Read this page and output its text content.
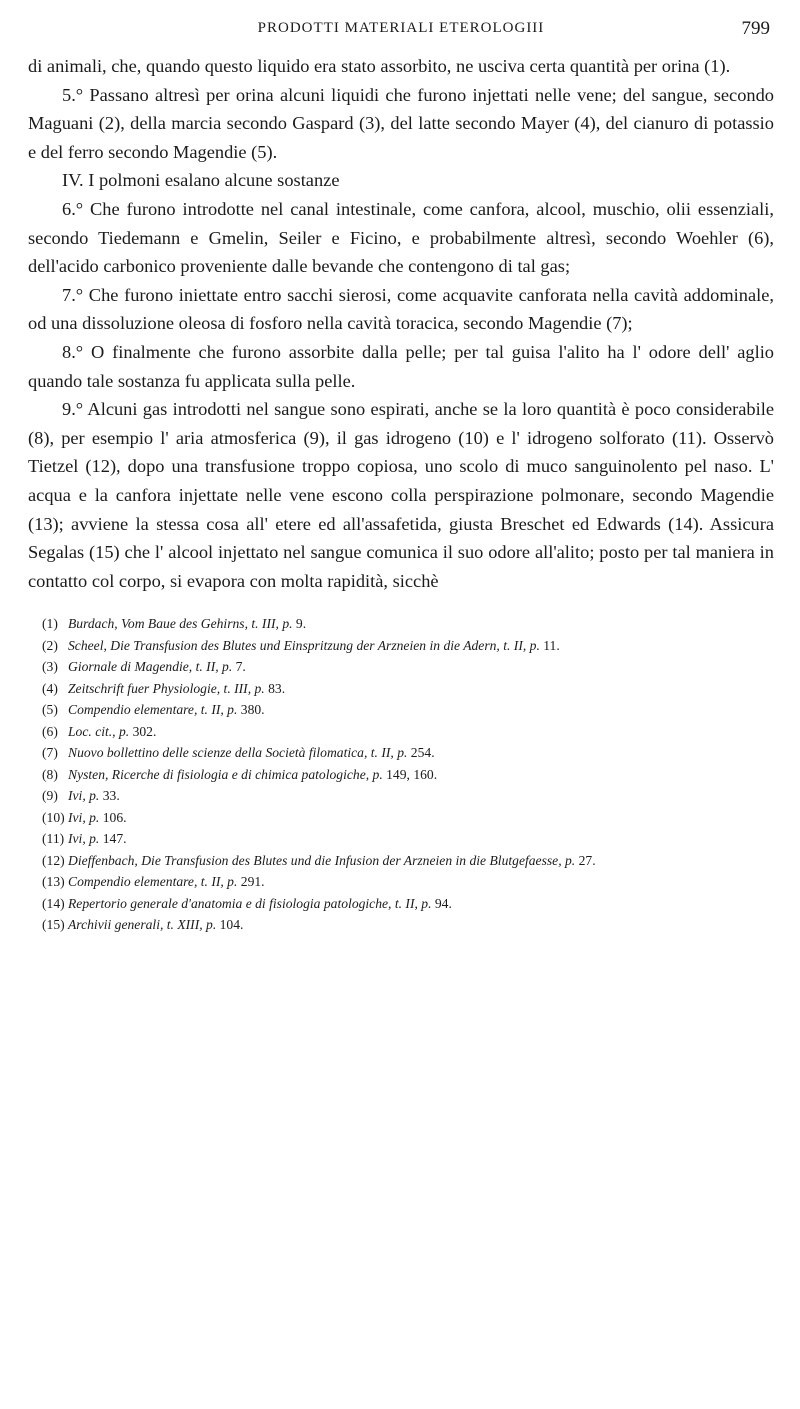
PRODOTTI MATERIALI ETEROLOGIII	799

di animali, che, quando questo liquido era stato assorbito, ne usciva certa quantità per orina (1).

5.° Passano altresì per orina alcuni liquidi che furono injettati nelle vene; del sangue, secondo Maguani (2), della marcia secondo Gaspard (3), del latte secondo Mayer (4), del cianuro di potassio e del ferro secondo Magendie (5).

IV. I polmoni esalano alcune sostanze

6.° Che furono introdotte nel canal intestinale, come canfora, alcool, muschio, olii essenziali, secondo Tiedemann e Gmelin, Seiler e Ficino, e probabilmente altresì, secondo Woehler (6), dell'acido carbonico proveniente dalle bevande che contengono di tal gas;

7.° Che furono iniettate entro sacchi sierosi, come acquavite canforata nella cavità addominale, od una dissoluzione oleosa di fosforo nella cavità toracica, secondo Magendie (7);

8.° O finalmente che furono assorbite dalla pelle; per tal guisa l'alito ha l' odore dell' aglio quando tale sostanza fu applicata sulla pelle.

9.° Alcuni gas introdotti nel sangue sono espirati, anche se la loro quantità è poco considerabile (8), per esempio l' aria atmosferica (9), il gas idrogeno (10) e l' idrogeno solforato (11). Osservò Tietzel (12), dopo una transfusione troppo copiosa, uno scolo di muco sanguinolento pel naso. L' acqua e la canfora injettate nelle vene escono colla perspirazione polmonare, secondo Magendie (13); avviene la stessa cosa all' etere ed all'assafetida, giusta Breschet ed Edwards (14). Assicura Segalas (15) che l' alcool injettato nel sangue comunica il suo odore all'alito; posto per tal maniera in contatto col corpo, si evapora con molta rapidità, sicchè

(1) Burdach, Vom Baue des Gehirns, t. III, p. 9.
(2) Scheel, Die Transfusion des Blutes und Einspritzung der Arzneien in die Adern, t. II, p. 11.
(3) Giornale di Magendie, t. II, p. 7.
(4) Zeitschrift fuer Physiologie, t. III, p. 83.
(5) Compendio elementare, t. II, p. 380.
(6) Loc. cit., p. 302.
(7) Nuovo bollettino delle scienze della Società filomatica, t. II, p. 254.
(8) Nysten, Ricerche di fisiologia e di chimica patologiche, p. 149, 160.
(9) Ivi, p. 33.
(10) Ivi, p. 106.
(11) Ivi, p. 147.
(12) Dieffenbach, Die Transfusion des Blutes und die Infusion der Arzneien in die Blutgefaesse, p. 27.
(13) Compendio elementare, t. II, p. 291.
(14) Repertorio generale d'anatomia e di fisiologia patologiche, t. II, p. 94.
(15) Archivii generali, t. XIII, p. 104.
